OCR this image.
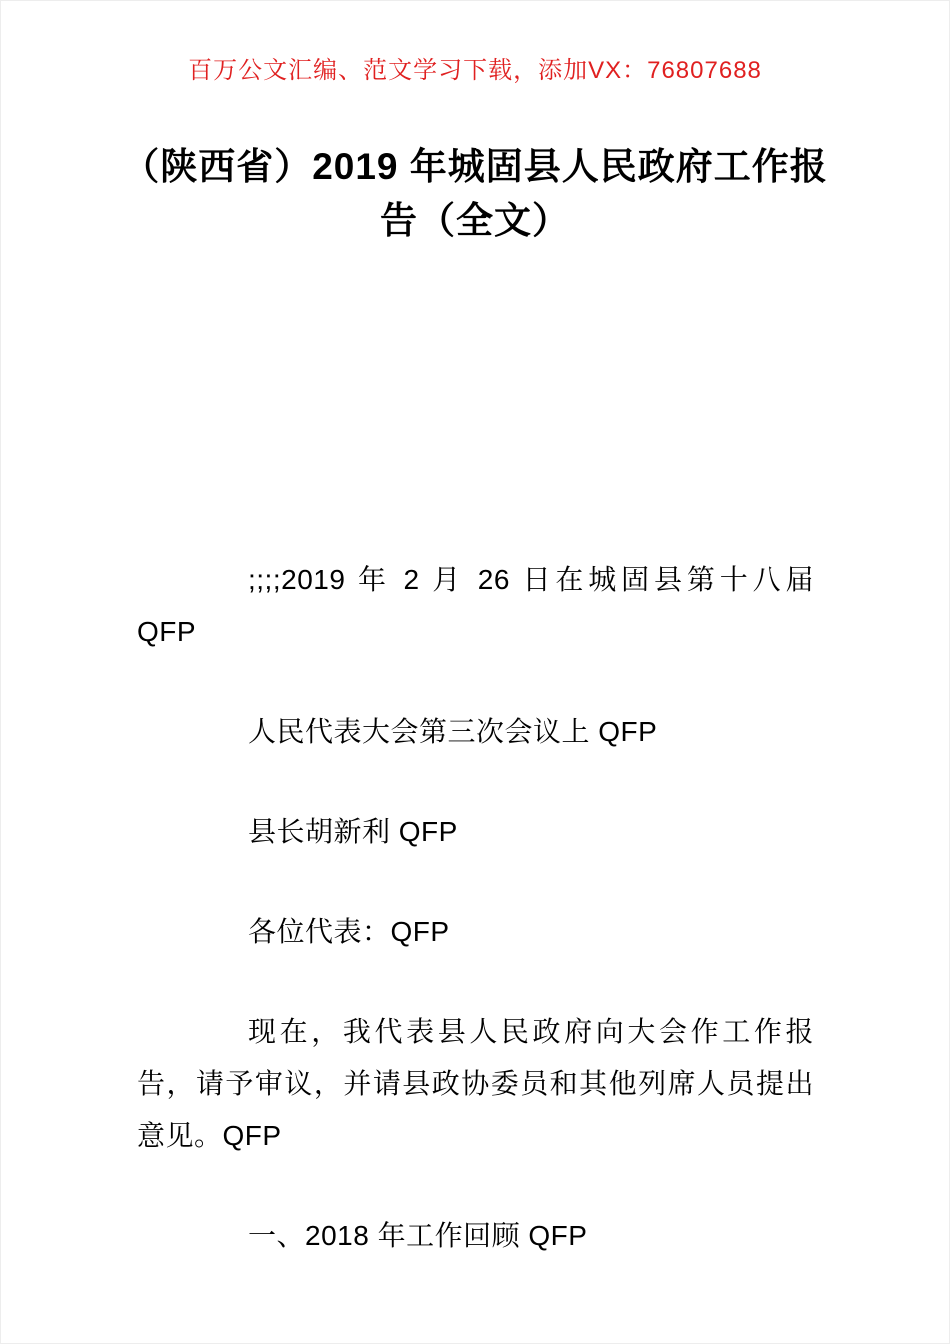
百万公文汇编、范文学习下载，添加VX：76807688
（陕西省）2019 年城固县人民政府工作报
告（全文）

;;;;2019 年 2 月 26 日在城固县第十八届 QFP

人民代表大会第三次会议上 QFP

县长胡新利 QFP

各位代表：QFP

现在，我代表县人民政府向大会作工作报告，请予审议，并请县政协委员和其他列席人员提出意见。QFP

一、2018 年工作回顾 QFP
